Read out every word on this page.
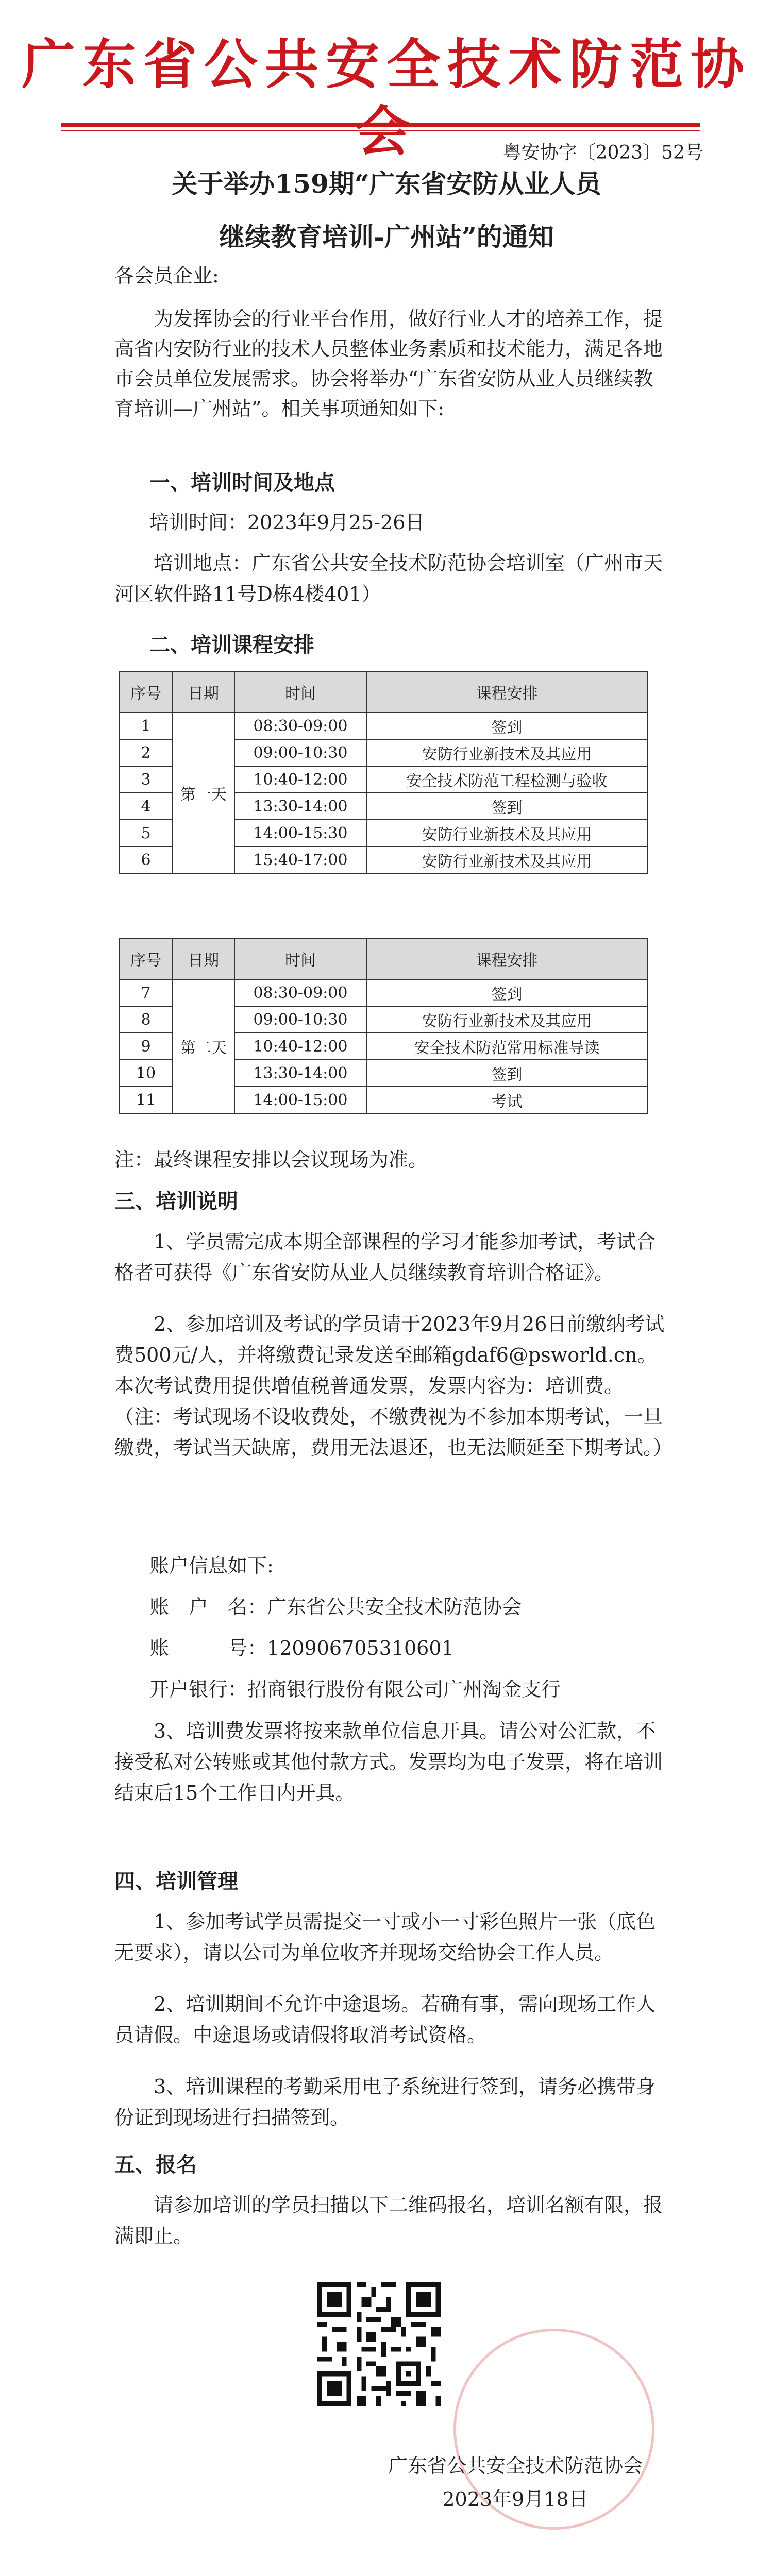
广东省公共安全技术防范协
粤安协字〔2023〕52号
关于举办159期“广东省安防从业人员
继续教育培训-广州站”的通知
各会员企业:
为发挥协会的行业平台作用，做好行业人才的培养工作，提高省内安防行业的技术人员整体业务素质和技术能力，满足各地市会员单位发展需求。协会将举办“广东省安防从业人员继续教育培训—广州站”。相关事项通知如下:
一、培训时间及地点
培训时间：2023年9月25-26日
培训地点：广东省公共安全技术防范协会培训室（广州市天河区软件路11号D栋4楼401）
二、培训课程安排
序号	日期	时间	课程安排
1	第一天	08:30-09:00	签到
2		09:00-10:30	安防行业新技术及其应用
3		10:40-12:00	安全技术防范工程检测与验收
4		13:30-14:00	签到
5		14:00-15:30	安防行业新技术及其应用
6		15:40-17:00	安防行业新技术及其应用
序号	日期	时间	课程安排
7	第二天	08:30-09:00	签到
8		09:00-10:30	安防行业新技术及其应用
9		10:40-12:00	安全技术防范常用标准导读
10		13:30-14:00	签到
11		14:00-15:00	考试
注：最终课程安排以会议现场为准。
三、培训说明
1、学员需完成本期全部课程的学习才能参加考试，考试合格者可获得《广东省安防从业人员继续教育培训合格证》。
2、参加培训及考试的学员请于2023年9月26日前缴纳考试费500元/人，并将缴费记录发送至邮箱gdaf6@psworld.cn。本次考试费用提供增值税普通发票，发票内容为：培训费。（注：考试现场不设收费处，不缴费视为不参加本期考试，一旦缴费，考试当天缺席，费用无法退还，也无法顺延至下期考试。）
账户信息如下:
账　户　名：广东省公共安全技术防范协会
账　　　号：120906705310601
开户银行：招商银行股份有限公司广州淘金支行
3、培训费发票将按来款单位信息开具。请公对公汇款，不接受私对公转账或其他付款方式。发票均为电子发票，将在培训结束后15个工作日内开具。
四、培训管理
1、参加考试学员需提交一寸或小一寸彩色照片一张（底色无要求），请以公司为单位收齐并现场交给协会工作人员。
2、培训期间不允许中途退场。若确有事，需向现场工作人员请假。中途退场或请假将取消考试资格。
3、培训课程的考勤采用电子系统进行签到，请务必携带身份证到现场进行扫描签到。
五、报名
请参加培训的学员扫描以下二维码报名，培训名额有限，报满即止。
广东省公共安全技术防范协会
2023年9月18日
